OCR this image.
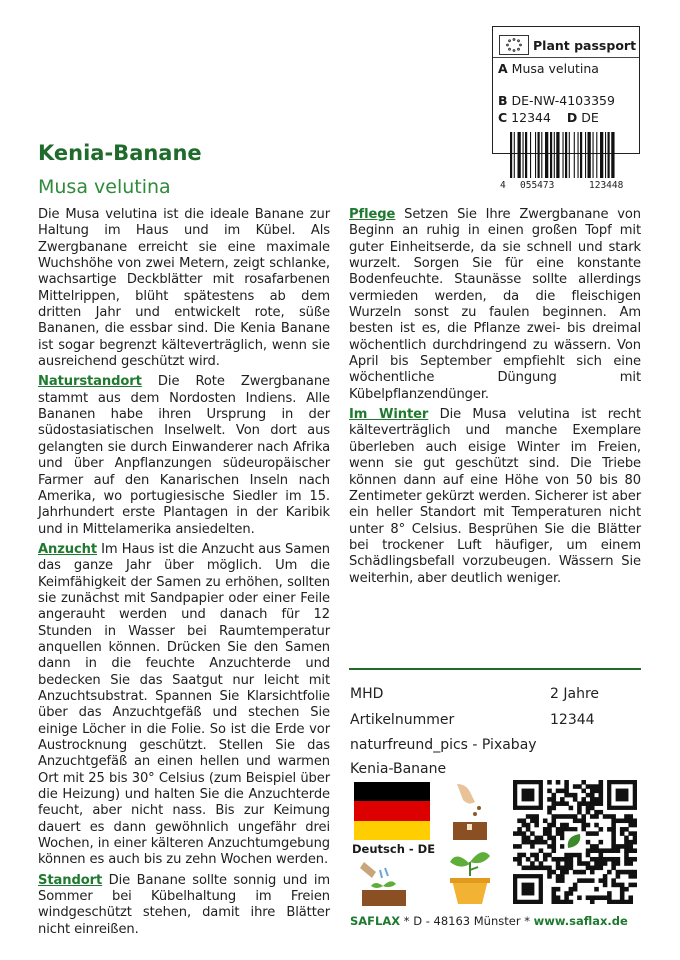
Plant passport
A Musa velutina
B DE-NW-4103359
C 12344 D DE
4 055473	123448
Kenia-Banane
Musa velutina

Die Musa velutina ist die ideale Banane zur Haltung im Haus und im Kübel. Als Zwergbanane erreicht sie eine maximale Wuchshöhe von zwei Metern, zeigt schlanke, wachsartige Deckblätter mit rosafarbenen Mittelrippen, blüht spätestens ab dem dritten Jahr und entwickelt rote, süße Bananen, die essbar sind. Die Kenia Banane ist sogar begrenzt kälteverträglich, wenn sie ausreichend geschützt wird.

Naturstandort Die Rote Zwergbanane stammt aus dem Nordosten Indiens. Alle Bananen habe ihren Ursprung in der südostasiatischen Inselwelt. Von dort aus gelangten sie durch Einwanderer nach Afrika und über Anpflanzungen südeuropäischer Farmer auf den Kanarischen Inseln nach Amerika, wo portugiesische Siedler im 15. Jahrhundert erste Plantagen in der Karibik und in Mittelamerika ansiedelten.

Anzucht Im Haus ist die Anzucht aus Samen das ganze Jahr über möglich. Um die Keimfähigkeit der Samen zu erhöhen, sollten sie zunächst mit Sandpapier oder einer Feile angerauht werden und danach für 12 Stunden in Wasser bei Raumtemperatur anquellen können. Drücken Sie den Samen dann in die feuchte Anzuchterde und bedecken Sie das Saatgut nur leicht mit Anzuchtsubstrat. Spannen Sie Klarsichtfolie über das Anzuchtgefäß und stechen Sie einige Löcher in die Folie. So ist die Erde vor Austrocknung geschützt. Stellen Sie das Anzuchtgefäß an einen hellen und warmen Ort mit 25 bis 30° Celsius (zum Beispiel über die Heizung) und halten Sie die Anzuchterde feucht, aber nicht nass. Bis zur Keimung dauert es dann gewöhnlich ungefähr drei Wochen, in einer kälteren Anzuchtumgebung können es auch bis zu zehn Wochen werden.

Standort Die Banane sollte sonnig und im Sommer bei Kübelhaltung im Freien windgeschützt stehen, damit ihre Blätter nicht einreißen.

Pflege Setzen Sie Ihre Zwergbanane von Beginn an ruhig in einen großen Topf mit guter Einheitserde, da sie schnell und stark wurzelt. Sorgen Sie für eine konstante Bodenfeuchte. Staunässe sollte allerdings vermieden werden, da die fleischigen Wurzeln sonst zu faulen beginnen. Am besten ist es, die Pflanze zwei- bis dreimal wöchentlich durchdringend zu wässern. Von April bis September empfiehlt sich eine wöchentliche Düngung mit Kübelpflanzendünger.

Im Winter Die Musa velutina ist recht kälteverträglich und manche Exemplare überleben auch eisige Winter im Freien, wenn sie gut geschützt sind. Die Triebe können dann auf eine Höhe von 50 bis 80 Zentimeter gekürzt werden. Sicherer ist aber ein heller Standort mit Temperaturen nicht unter 8° Celsius. Besprühen Sie die Blätter bei trockener Luft häufiger, um einem Schädlingsbefall vorzubeugen. Wässern Sie weiterhin, aber deutlich weniger.

MHD	2 Jahre
Artikelnummer	12344
naturfreund_pics - Pixabay
Kenia-Banane
Deutsch - DE
SAFLAX * D - 48163 Münster * www.saflax.de
